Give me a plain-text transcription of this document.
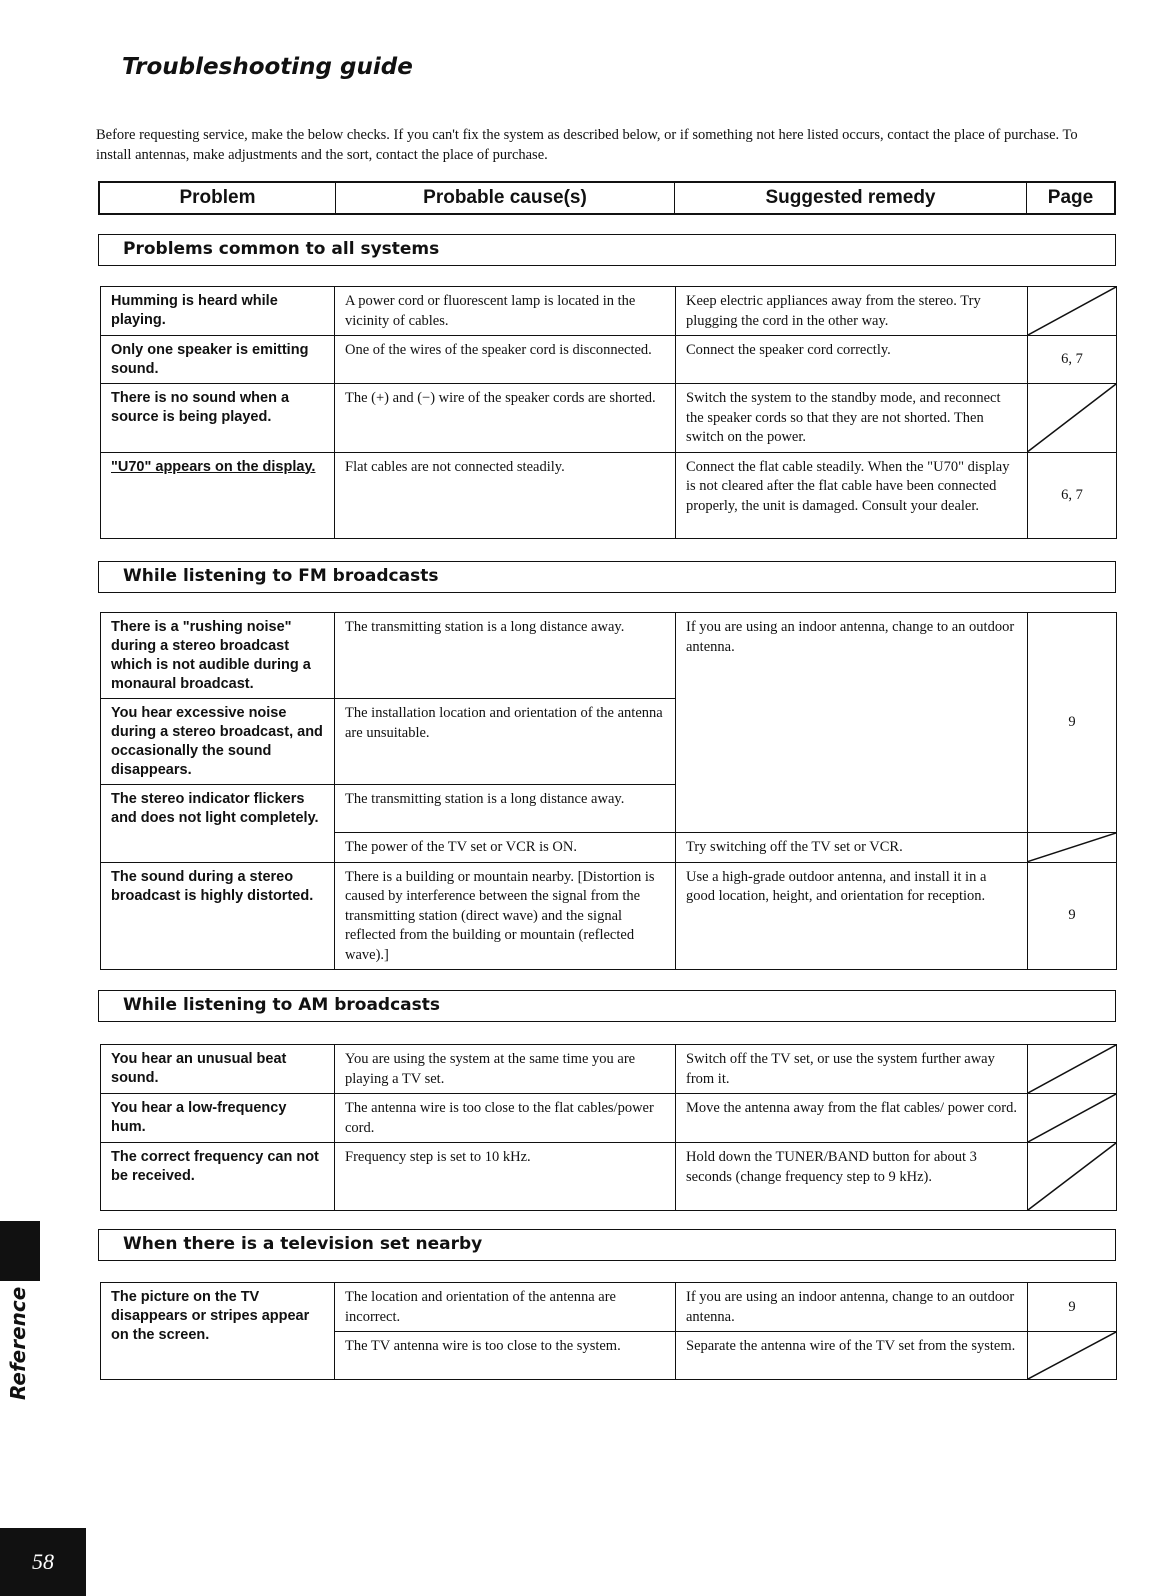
Troubleshooting guide
Before requesting service, make the below checks. If you can't fix the system as described below, or if something not here listed occurs, contact the place of purchase. To install antennas, make adjustments and the sort, contact the place of purchase.
Problem	Probable cause(s)	Suggested remedy	Page
Problems common to all systems
Humming is heard while playing.	A power cord or fluorescent lamp is located in the vicinity of cables.	Keep electric appliances away from the stereo. Try plugging the cord in the other way.	

Only one speaker is emitting sound.	One of the wires of the speaker cord is disconnected.	Connect the speaker cord correctly.	6, 7
There is no sound when a source is being played.	The (+) and (−) wire of the speaker cords are shorted.	Switch the system to the standby mode, and reconnect the speaker cords so that they are not shorted. Then switch on the power.	

"U70" appears on the display.	Flat cables are not connected steadily.	Connect the flat cable steadily. When the "U70" display is not cleared after the flat cable have been connected properly, the unit is damaged. Consult your dealer.	6, 7
While listening to FM broadcasts
There is a "rushing noise" during a stereo broadcast which is not audible during a monaural broadcast.	The transmitting station is a long distance away.	If you are using an indoor antenna, change to an outdoor antenna.	9
You hear excessive noise during a stereo broadcast, and occasionally the sound disappears.	The installation location and orientation of the antenna are unsuitable.		
The stereo indicator flickers and does not light completely.	The transmitting station is a long distance away.		
	The power of the TV set or VCR is ON.	Try switching off the TV set or VCR.	

The sound during a stereo broadcast is highly distorted.	There is a building or mountain nearby. [Distortion is caused by interference between the signal from the transmitting station (direct wave) and the signal reflected from the building or mountain (reflected wave).]	Use a high-grade outdoor antenna, and install it in a good location, height, and orientation for reception.	9
While listening to AM broadcasts
You hear an unusual beat sound.	You are using the system at the same time you are playing a TV set.	Switch off the TV set, or use the system further away from it.	

You hear a low-frequency hum.	The antenna wire is too close to the flat cables/power cord.	Move the antenna away from the flat cables/ power cord.	

The correct frequency can not be received.	Frequency step is set to 10 kHz.	Hold down the TUNER/BAND button for about 3 seconds (change frequency step to 9 kHz).	
When there is a television set nearby
The picture on the TV disappears or stripes appear on the screen.	The location and orientation of the antenna are incorrect.	If you are using an indoor antenna, change to an outdoor antenna.	9
	The TV antenna wire is too close to the system.	Separate the antenna wire of the TV set from the system.	
Reference
58
